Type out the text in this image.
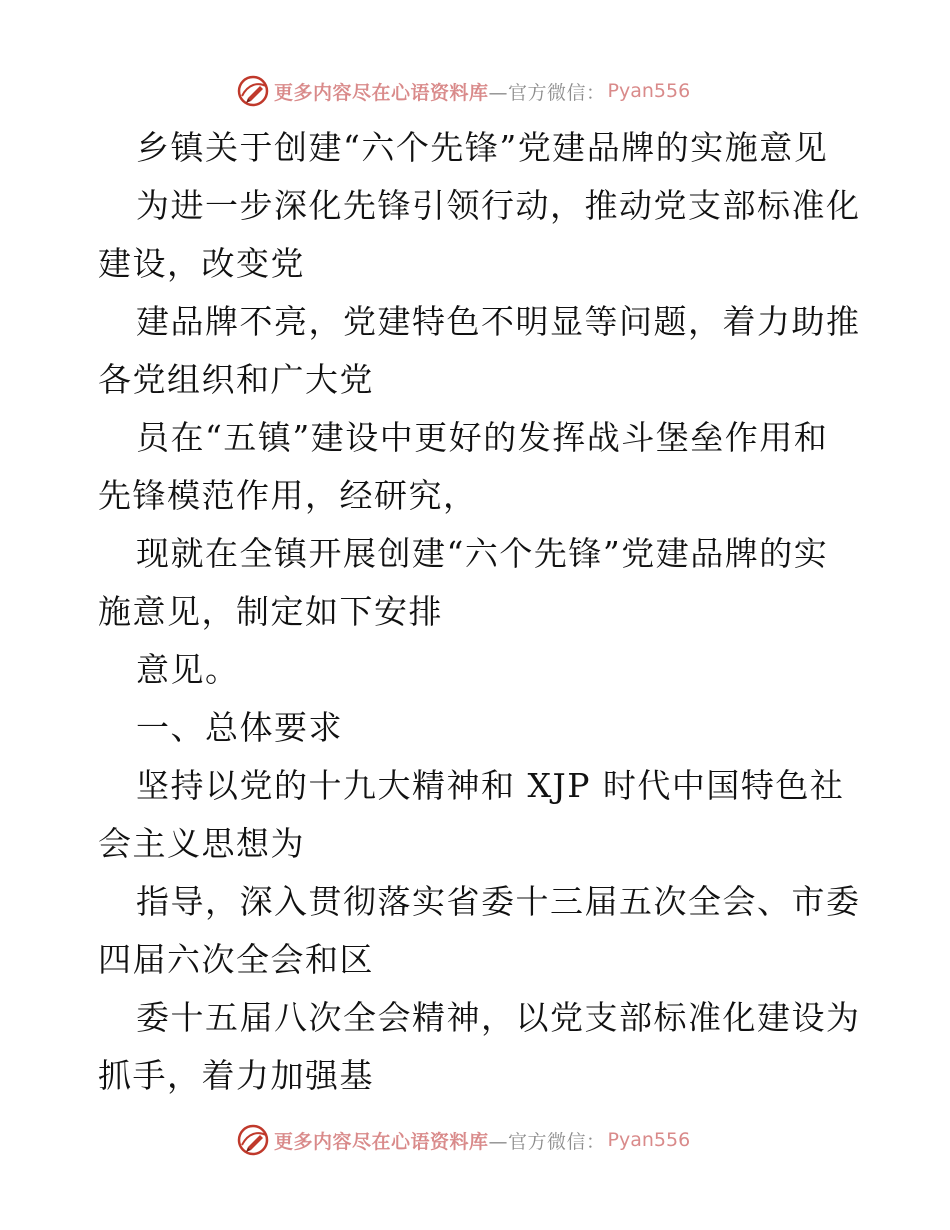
更多内容尽在心语资料库 —官方微信： Pyan556
乡镇关于创建“六个先锋”党建品牌的实施意见
为进一步深化先锋引领行动，推动党支部标准化
建设，改变党
建品牌不亮，党建特色不明显等问题，着力助推
各党组织和广大党
员在“五镇”建设中更好的发挥战斗堡垒作用和
先锋模范作用，经研究，
现就在全镇开展创建“六个先锋”党建品牌的实
施意见，制定如下安排
意见。
一、总体要求
坚持以党的十九大精神和 XJP 时代中国特色社
会主义思想为
指导，深入贯彻落实省委十三届五次全会、市委
四届六次全会和区
委十五届八次全会精神，以党支部标准化建设为
抓手，着力加强基
更多内容尽在心语资料库 —官方微信： Pyan556
